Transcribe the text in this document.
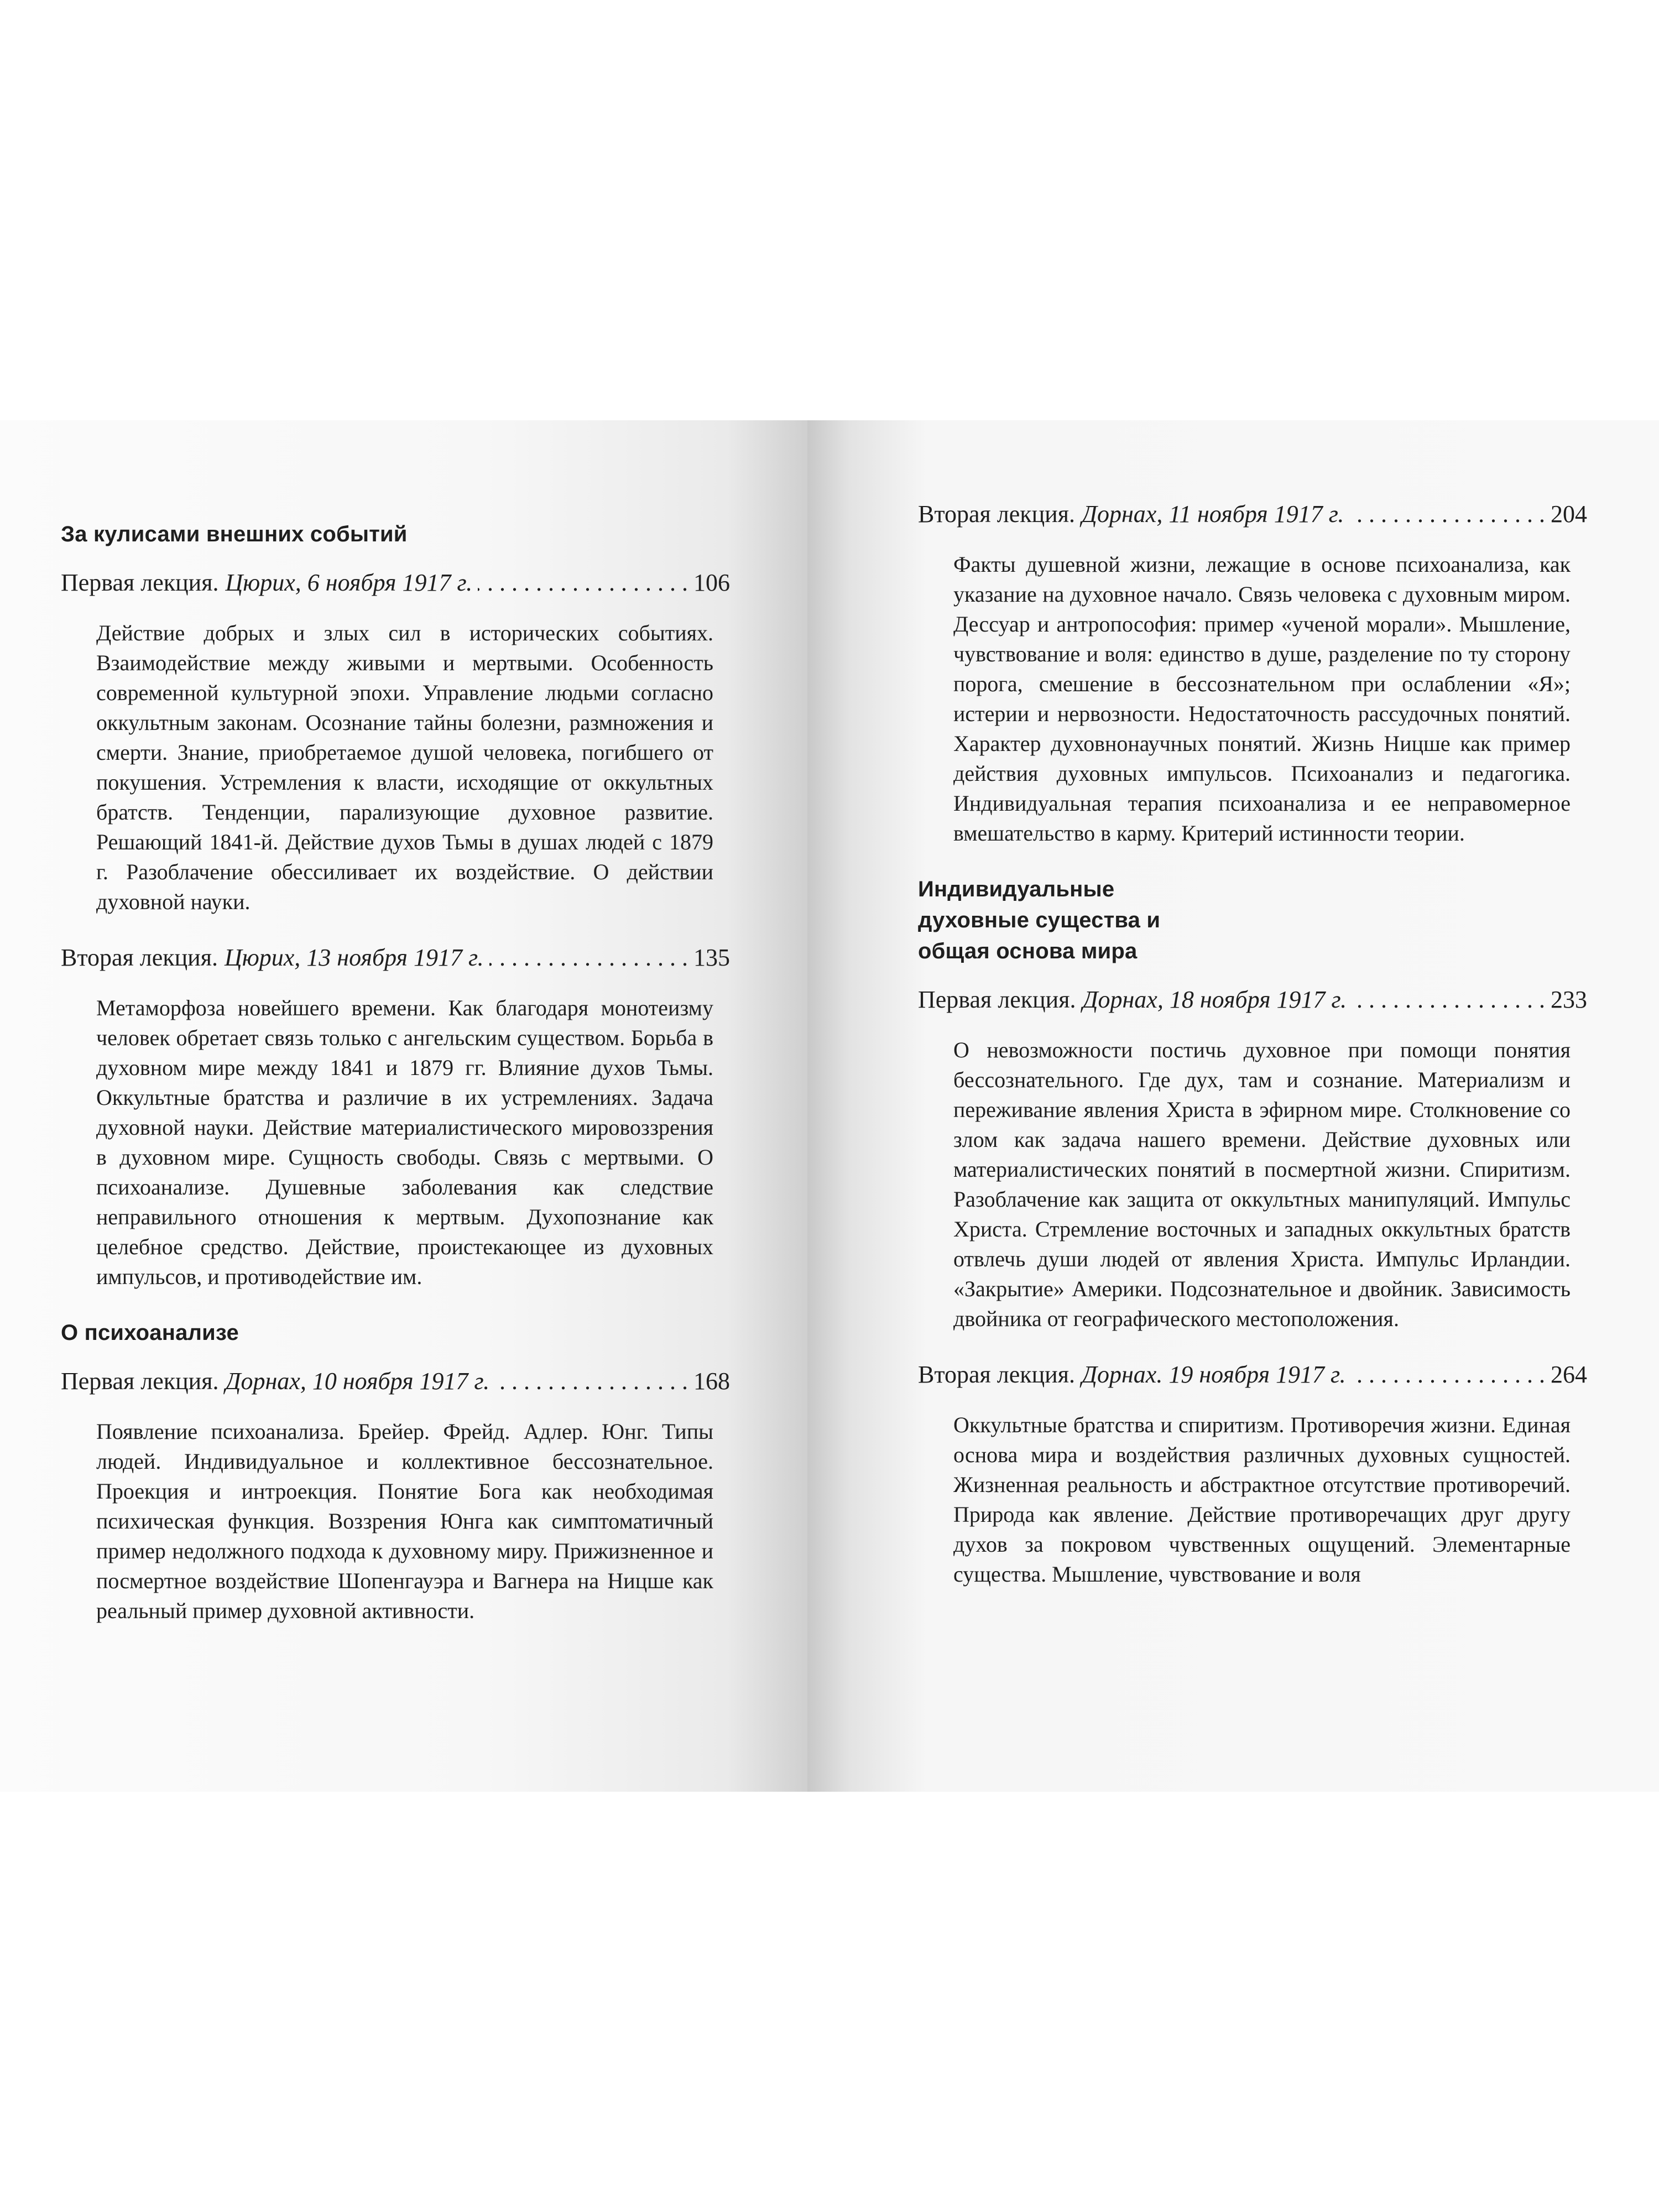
За кулисами внешних событий
Первая лекция. Цюрих, 6 ноября 1917 г. . . .	106
Действие добрых и злых сил в исторических событиях. Взаимодействие между живыми и мертвыми. Особенность современной культурной эпохи. Управление людьми согласно оккультным законам. Осознание тайны болезни, размножения и смерти. Знание, приобретаемое душой человека, погибшего от покушения. Устремления к власти, исходящие от оккультных братств. Тенденции, парализующие духовное развитие. Решающий 1841-й. Действие духов Тьмы в душах людей с 1879 г. Разоблачение обессиливает их воздействие. О действии духовной науки.
Вторая лекция. Цюрих, 13 ноября 1917 г. . . .	135
Метаморфоза новейшего времени. Как благодаря монотеизму человек обретает связь только с ангельским существом. Борьба в духовном мире между 1841 и 1879 гг. Влияние духов Тьмы. Оккультные братства и различие в их устремлениях. Задача духовной науки. Действие материалистического мировоззрения в духовном мире. Сущность свободы. Связь с мертвыми. О психоанализе. Душевные заболевания как следствие неправильного отношения к мертвым. Духопознание как целебное средство. Действие, проистекающее из духовных импульсов, и противодействие им.
О психоанализе
Первая лекция. Дорнах, 10 ноября 1917 г. . . .	168
Появление психоанализа. Брейер. Фрейд. Адлер. Юнг. Типы людей. Индивидуальное и коллективное бессознательное. Проекция и интроекция. Понятие Бога как необходимая психическая функция. Воззрения Юнга как симптоматичный пример недолжного подхода к духовному миру. Прижизненное и посмертное воздействие Шопенгауэра и Вагнера на Ницше как реальный пример духовной активности.
Вторая лекция. Дорнах, 11 ноября 1917 г. . . .	204
Факты душевной жизни, лежащие в основе психоанализа, как указание на духовное начало. Связь человека с духовным миром. Дессуар и антропософия: пример «ученой морали». Мышление, чувствование и воля: единство в душе, разделение по ту сторону порога, смешение в бессознательном при ослаблении «Я»; истерии и нервозности. Недостаточность рассудочных понятий. Характер духовнонаучных понятий. Жизнь Ницше как пример действия духовных импульсов. Психоанализ и педагогика. Индивидуальная терапия психоанализа и ее неправомерное вмешательство в карму. Критерий истинности теории.
Индивидуальные духовные существа и общая основа мира
Первая лекция. Дорнах, 18 ноября 1917 г. . . .	233
О невозможности постичь духовное при помощи понятия бессознательного. Где дух, там и сознание. Материализм и переживание явления Христа в эфирном мире. Столкновение со злом как задача нашего времени. Действие духовных или материалистических понятий в посмертной жизни. Спиритизм. Разоблачение как защита от оккультных манипуляций. Импульс Христа. Стремление восточных и западных оккультных братств отвлечь души людей от явления Христа. Импульс Ирландии. «Закрытие» Америки. Подсознательное и двойник. Зависимость двойника от географического местоположения.
Вторая лекция. Дорнах. 19 ноября 1917 г. . . .	264
Оккультные братства и спиритизм. Противоречия жизни. Единая основа мира и воздействия различных духовных сущностей. Жизненная реальность и абстрактное отсутствие противоречий. Природа как явление. Действие противоречащих друг другу духов за покровом чувственных ощущений. Элементарные существа. Мышление, чувствование и воля
